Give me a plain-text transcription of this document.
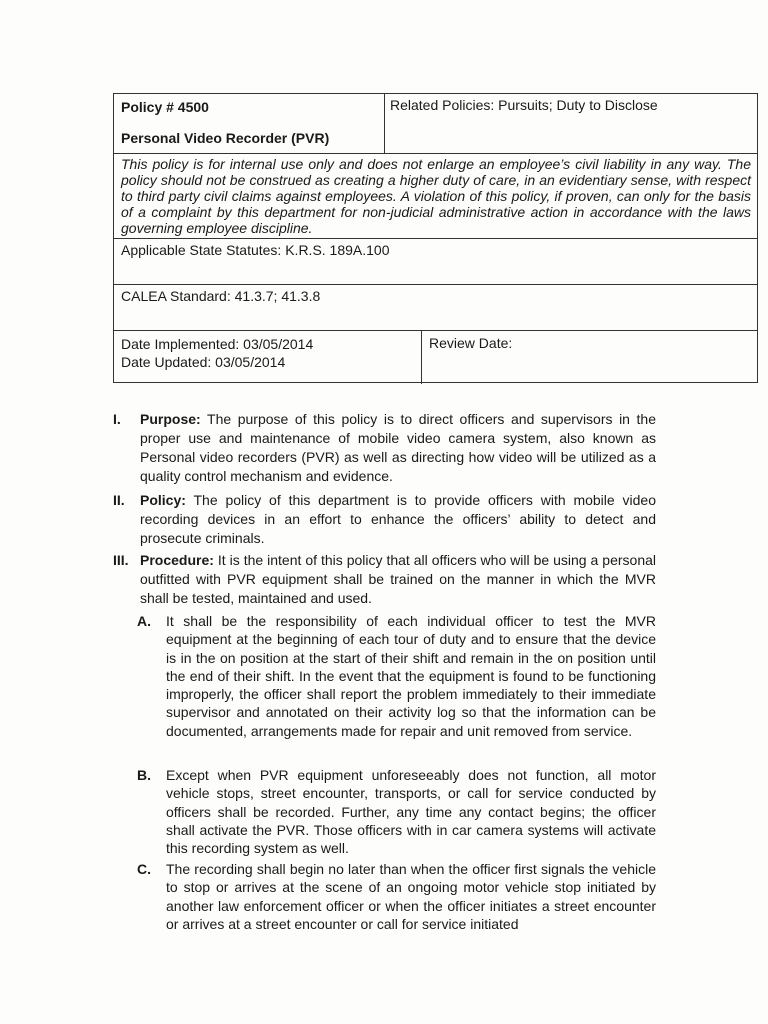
Policy # 4500
Personal Video Recorder (PVR)
Related Policies: Pursuits; Duty to Disclose
This policy is for internal use only and does not enlarge an employee’s civil liability in any way. The policy should not be construed as creating a higher duty of care, in an evidentiary sense, with respect to third party civil claims against employees. A violation of this policy, if proven, can only for the basis of a complaint by this department for non-judicial administrative action in accordance with the laws governing employee discipline.
Applicable State Statutes: K.R.S. 189A.100
CALEA Standard: 41.3.7; 41.3.8
Date Implemented: 03/05/2014
Date Updated: 03/05/2014
Review Date:
I. Purpose: The purpose of this policy is to direct officers and supervisors in the proper use and maintenance of mobile video camera system, also known as Personal video recorders (PVR) as well as directing how video will be utilized as a quality control mechanism and evidence.
II. Policy: The policy of this department is to provide officers with mobile video recording devices in an effort to enhance the officers’ ability to detect and prosecute criminals.
III. Procedure: It is the intent of this policy that all officers who will be using a personal outfitted with PVR equipment shall be trained on the manner in which the MVR shall be tested, maintained and used.
A. It shall be the responsibility of each individual officer to test the MVR equipment at the beginning of each tour of duty and to ensure that the device is in the on position at the start of their shift and remain in the on position until the end of their shift. In the event that the equipment is found to be functioning improperly, the officer shall report the problem immediately to their immediate supervisor and annotated on their activity log so that the information can be documented, arrangements made for repair and unit removed from service.
B. Except when PVR equipment unforeseeably does not function, all motor vehicle stops, street encounter, transports, or call for service conducted by officers shall be recorded. Further, any time any contact begins; the officer shall activate the PVR. Those officers with in car camera systems will activate this recording system as well.
C. The recording shall begin no later than when the officer first signals the vehicle to stop or arrives at the scene of an ongoing motor vehicle stop initiated by another law enforcement officer or when the officer initiates a street encounter or arrives at a street encounter or call for service initiated
